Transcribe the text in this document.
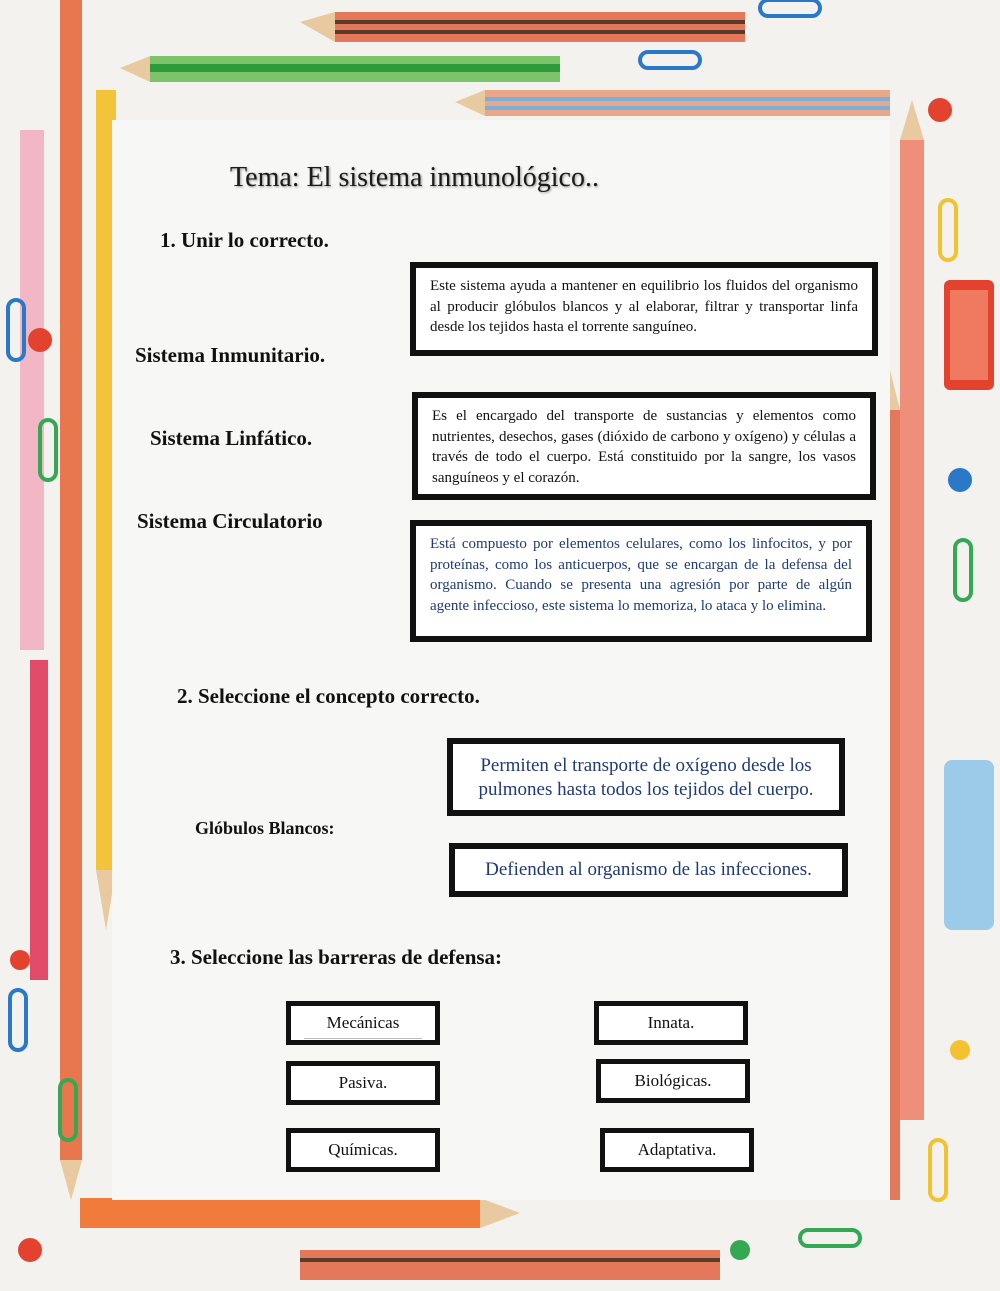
Tema: El sistema inmunológico..
1. Unir lo correcto.
Sistema Inmunitario.
Sistema Linfático.
Sistema Circulatorio
Este sistema ayuda a mantener en equilibrio los fluidos del organismo al producir glóbulos blancos y al elaborar, filtrar y transportar linfa desde los tejidos hasta el torrente sanguíneo.
Es el encargado del transporte de sustancias y elementos como nutrientes, desechos, gases (dióxido de carbono y oxígeno) y células a través de todo el cuerpo. Está constituido por la sangre, los vasos sanguíneos y el corazón.
Está compuesto por elementos celulares, como los linfocitos, y por proteínas, como los anticuerpos, que se encargan de la defensa del organismo. Cuando se presenta una agresión por parte de algún agente infeccioso, este sistema lo memoriza, lo ataca y lo elimina.
2. Seleccione el concepto correcto.
Glóbulos Blancos:
Permiten el transporte de oxígeno desde los pulmones hasta todos los tejidos del cuerpo.
Defienden al organismo de las infecciones.
3. Seleccione las barreras de defensa:
Mecánicas	Innata.
Pasiva.	Biológicas.
Químicas.	Adaptativa.
